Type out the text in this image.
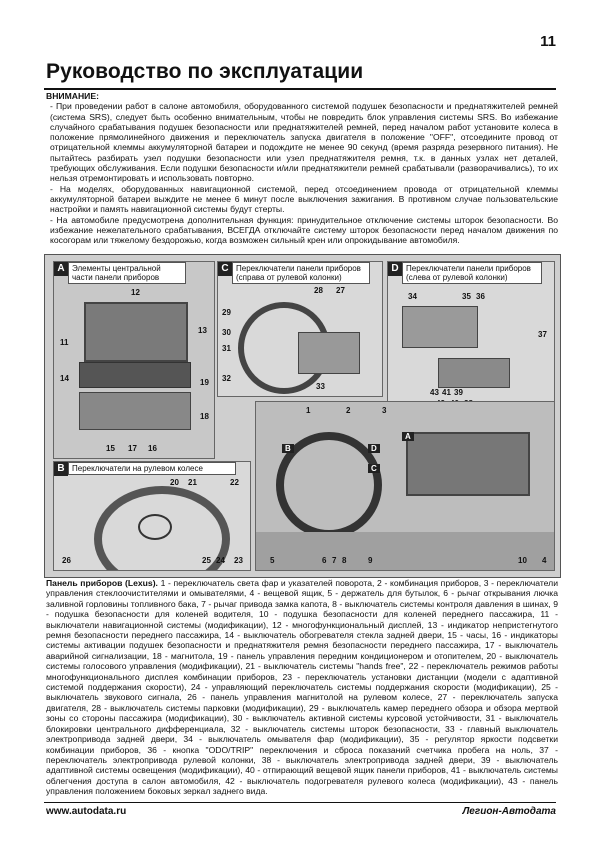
11
Руководство по эксплуатации
ВНИМАНИЕ:

- При проведении работ в салоне автомобиля, оборудованного системой подушек безопасности и преднатяжителей ремней (система SRS), следует быть особенно внимательным, чтобы не повредить блок управления системы SRS. Во избежание случайного срабатывания подушек безопасности или преднатяжителей ремней, перед началом работ установите колеса в положение прямолинейного движения и переключатель запуска двигателя в положение "OFF", отсоедините провод от отрицательной клеммы аккумуляторной батареи и подождите не менее 90 секунд (время разряда резервного питания). Не пытайтесь разбирать узел подушки безопасности или узел преднатяжителя ремня, т.к. в данных узлах нет деталей, требующих обслуживания. Если подушки безопасности и/или преднатяжители ремней срабатывали (разворачивались), то их нельзя отремонтировать и использовать повторно.

- На моделях, оборудованных навигационной системой, перед отсоединением провода от отрицательной клеммы аккумуляторной батареи выждите не менее 6 минут после выключения зажигания. В противном случае пользовательские настройки и память навигационной системы будут стерты.

- На автомобиле предусмотрена дополнительная функция: принудительное отключение системы шторок безопасности. Во избежание нежелательного срабатывания, ВСЕГДА отключайте систему шторок безопасности перед началом движения по косогорам или тяжелому бездорожью, когда возможен сильный крен или опрокидывание автомобиля.

A Элементы центральной части панели приборов
12
11
13
14	19
18
15 17 16
C Переключатели панели приборов (справа от рулевой колонки)
28 27
29
30
31
32
33
D Переключатели панели приборов (слева от рулевой колонки)
34	35 36
37
43 41 39
B Переключатели на рулевом колесе
20 21	22
26	25 24 23
1	2	3
B
C
D
A
5	6 7 8	9	10 4
Панель приборов (Lexus). 1 - переключатель света фар и указателей поворота, 2 - комбинация приборов, 3 - переключатели управления стеклоочистителями и омывателями, 4 - вещевой ящик, 5 - держатель для бутылок, 6 - рычаг открывания лючка заливной горловины топливного бака, 7 - рычаг привода замка капота, 8 - выключатель системы контроля давления в шинах, 9 - подушка безопасности для коленей водителя, 10 - подушка безопасности для коленей переднего пассажира, 11 - выключатели навигационной системы (модификации), 12 - многофункциональный дисплей, 13 - индикатор непристегнутого ремня безопасности переднего пассажира, 14 - выключатель обогревателя стекла задней двери, 15 - часы, 16 - индикаторы системы активации подушек безопасности и преднатяжителя ремня безопасности переднего пассажира, 17 - выключатель аварийной сигнализации, 18 - магнитола, 19 - панель управления передним кондиционером и отопителем, 20 - выключатель системы голосового управления (модификации), 21 - выключатель системы "hands free", 22 - переключатель режимов работы многофункционального дисплея комбинации приборов, 23 - переключатель установки дистанции (модели с адаптивной системой поддержания скорости), 24 - управляющий переключатель системы поддержания скорости (модификации), 25 - выключатель звукового сигнала, 26 - панель управления магнитолой на рулевом колесе, 27 - переключатель запуска двигателя, 28 - выключатель системы парковки (модификации), 29 - выключатель камер переднего обзора и обзора мертвой зоны со стороны пассажира (модификации), 30 - выключатель активной системы курсовой устойчивости, 31 - выключатель блокировки центрального дифференциала, 32 - выключатель системы шторок безопасности, 33 - главный выключатель электропривода задней двери, 34 - выключатель омывателя фар (модификации), 35 - регулятор яркости подсветки комбинации приборов, 36 - кнопка "ODO/TRIP" переключения и сброса показаний счетчика пробега на ноль, 37 - переключатель электропривода рулевой колонки, 38 - выключатель электропривода задней двери, 39 - выключатель адаптивной системы освещения (модификации), 40 - отпирающий вещевой ящик панели приборов, 41 - выключатель системы облегчения доступа в салон автомобиля, 42 - выключатель подогревателя рулевого колеса (модификации), 43 - панель управления положением боковых зеркал заднего вида.
www.autodata.ru	Легион-Автодата
